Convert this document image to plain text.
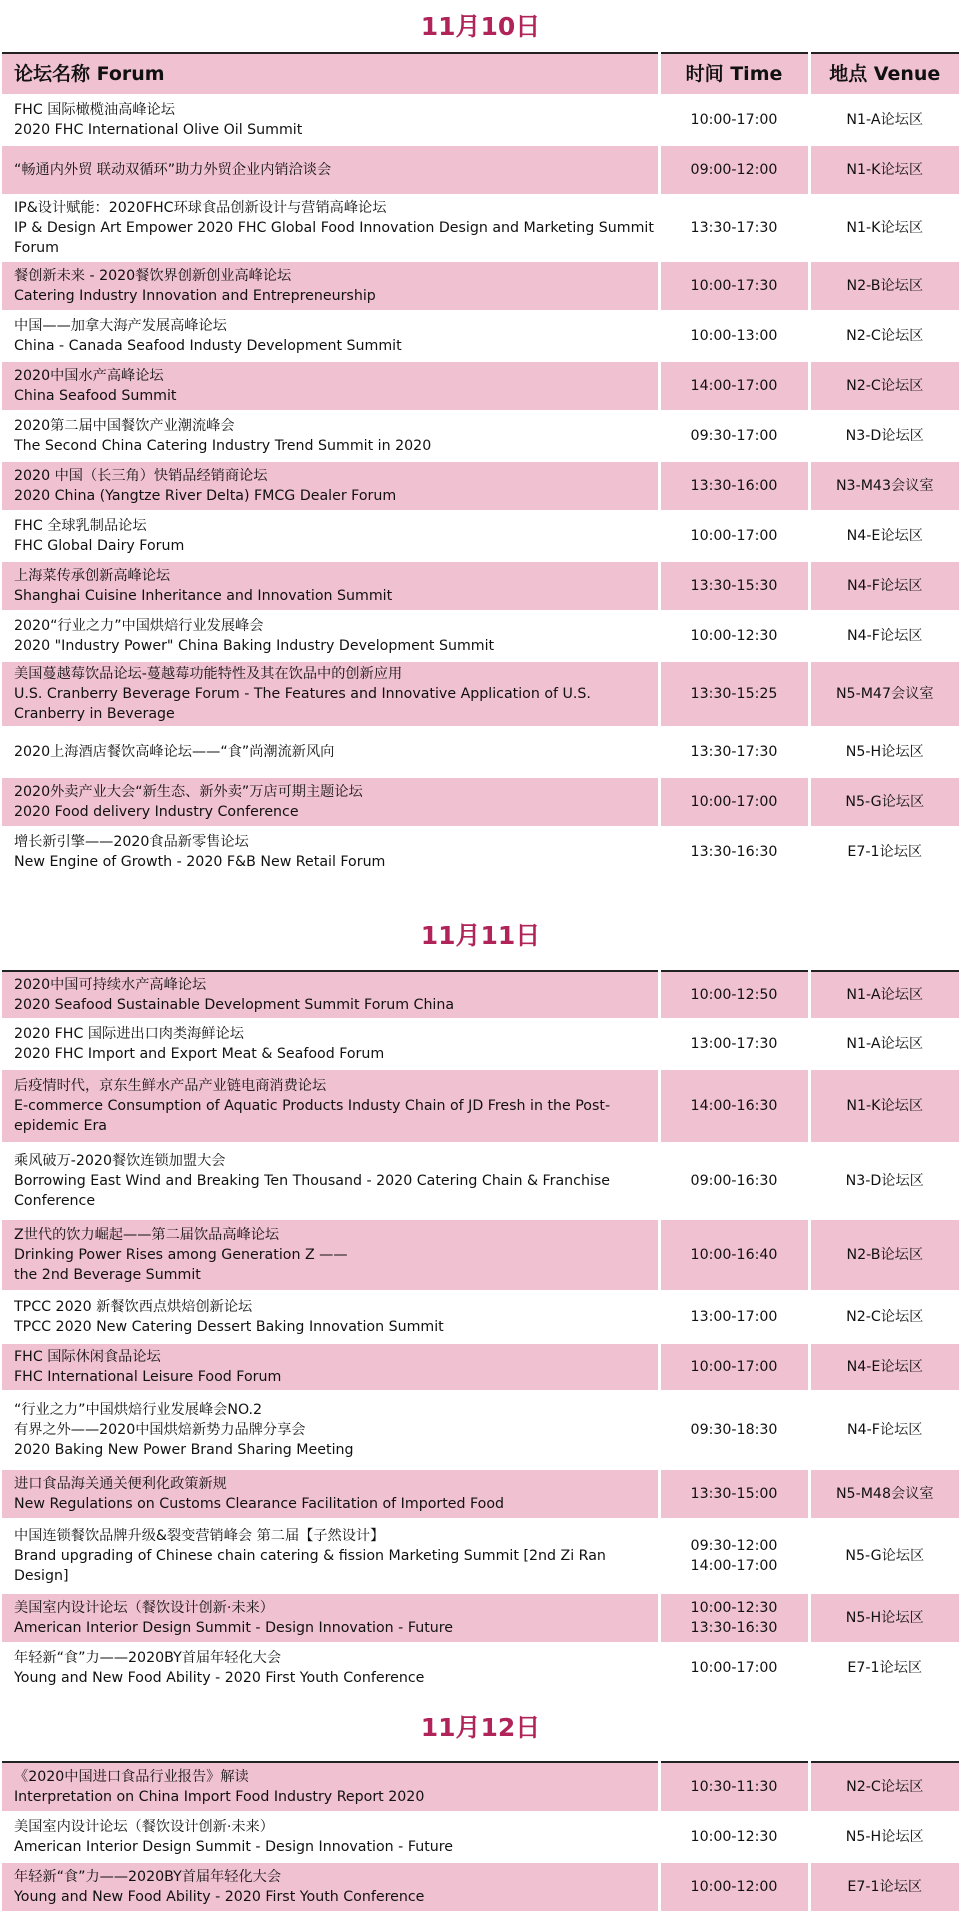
11月10日
论坛名称 Forum	时间 Time	地点 Venue

FHC 国际橄榄油高峰论坛
2020 FHC International Olive Oil Summit	10:00-17:00	N1-A论坛区

“畅通内外贸 联动双循环”助力外贸企业内销洽谈会	09:00-12:00	N1-K论坛区

IP&设计赋能：2020FHC环球食品创新设计与营销高峰论坛
IP & Design Art Empower 2020 FHC Global Food Innovation Design and Marketing Summit Forum	13:30-17:30	N1-K论坛区

餐创新未来 - 2020餐饮界创新创业高峰论坛
Catering Industry Innovation and Entrepreneurship	10:00-17:30	N2-B论坛区

中国——加拿大海产发展高峰论坛
China - Canada Seafood Industy Development Summit	10:00-13:00	N2-C论坛区

2020中国水产高峰论坛
China Seafood Summit	14:00-17:00	N2-C论坛区

2020第二届中国餐饮产业潮流峰会
The Second China Catering Industry Trend Summit in 2020	09:30-17:00	N3-D论坛区

2020 中国（长三角）快销品经销商论坛
2020 China (Yangtze River Delta) FMCG Dealer Forum	13:30-16:00	N3-M43会议室

FHC 全球乳制品论坛
FHC Global Dairy Forum	10:00-17:00	N4-E论坛区

上海菜传承创新高峰论坛
Shanghai Cuisine Inheritance and Innovation Summit	13:30-15:30	N4-F论坛区

2020“行业之力”中国烘焙行业发展峰会
2020 "Industry Power" China Baking Industry Development Summit	10:00-12:30	N4-F论坛区

美国蔓越莓饮品论坛-蔓越莓功能特性及其在饮品中的创新应用
U.S. Cranberry Beverage Forum - The Features and Innovative Application of U.S. Cranberry in Beverage	13:30-15:25	N5-M47会议室

2020上海酒店餐饮高峰论坛——“食”尚潮流新风向	13:30-17:30	N5-H论坛区

2020外卖产业大会“新生态、新外卖”万店可期主题论坛
2020 Food delivery Industry Conference	10:00-17:00	N5-G论坛区

增长新引擎——2020食品新零售论坛
New Engine of Growth - 2020 F&B New Retail Forum	13:30-16:30	E7-1论坛区
11月11日
2020中国可持续水产高峰论坛
2020 Seafood Sustainable Development Summit Forum China	10:00-12:50	N1-A论坛区

2020 FHC 国际进出口肉类海鲜论坛
2020 FHC Import and Export Meat & Seafood Forum	13:00-17:30	N1-A论坛区

后疫情时代，京东生鲜水产品产业链电商消费论坛
E-commerce Consumption of Aquatic Products Industy Chain of JD Fresh in the Post-epidemic Era	14:00-16:30	N1-K论坛区

乘风破万-2020餐饮连锁加盟大会
Borrowing East Wind and Breaking Ten Thousand - 2020 Catering Chain & Franchise Conference	09:00-16:30	N3-D论坛区

Z世代的饮力崛起——第二届饮品高峰论坛
Drinking Power Rises among Generation Z ——
the 2nd Beverage Summit	10:00-16:40	N2-B论坛区

TPCC 2020 新餐饮西点烘焙创新论坛
TPCC 2020 New Catering Dessert Baking Innovation Summit	13:00-17:00	N2-C论坛区

FHC 国际休闲食品论坛
FHC International Leisure Food Forum	10:00-17:00	N4-E论坛区

“行业之力”中国烘焙行业发展峰会NO.2
有界之外——2020中国烘焙新势力品牌分享会
2020 Baking New Power Brand Sharing Meeting	09:30-18:30	N4-F论坛区

进口食品海关通关便利化政策新规
New Regulations on Customs Clearance Facilitation of Imported Food	13:30-15:00	N5-M48会议室

中国连锁餐饮品牌升级&裂变营销峰会 第二届【子然设计】
Brand upgrading of Chinese chain catering & fission Marketing Summit [2nd Zi Ran Design]	09:30-12:00
14:00-17:00	N5-G论坛区

美国室内设计论坛（餐饮设计创新·未来）
American Interior Design Summit - Design Innovation - Future	10:00-12:30
13:30-16:30	N5-H论坛区

年轻新“食”力——2020BY首届年轻化大会
Young and New Food Ability - 2020 First Youth Conference	10:00-17:00	E7-1论坛区
11月12日
《2020中国进口食品行业报告》解读
Interpretation on China Import Food Industry Report 2020	10:30-11:30	N2-C论坛区

美国室内设计论坛（餐饮设计创新·未来）
American Interior Design Summit - Design Innovation - Future	10:00-12:30	N5-H论坛区

年轻新“食”力——2020BY首届年轻化大会
Young and New Food Ability - 2020 First Youth Conference	10:00-12:00	E7-1论坛区
